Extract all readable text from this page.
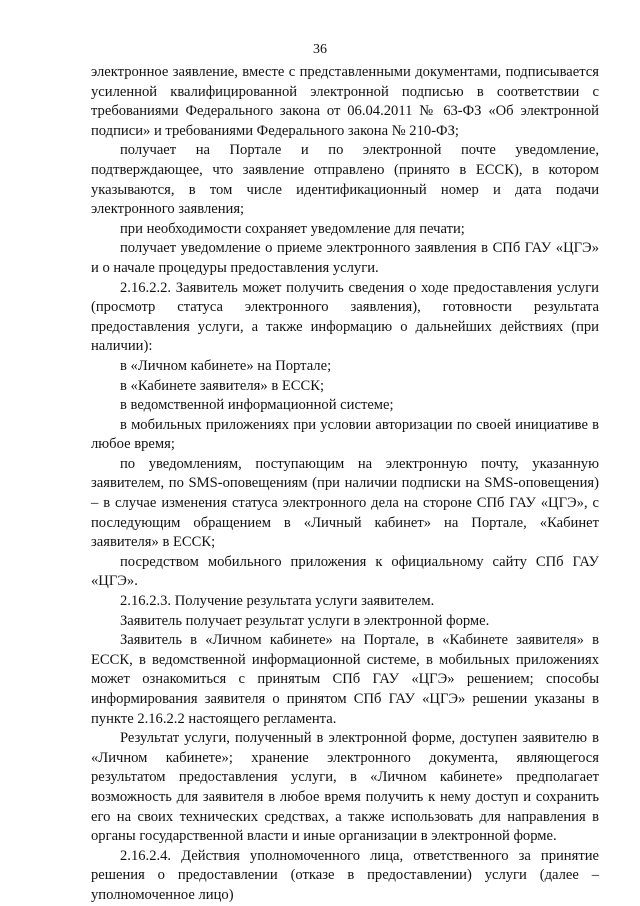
36

электронное заявление, вместе с представленными документами, подписывается усиленной квалифицированной электронной подписью в соответствии с требованиями Федерального закона от 06.04.2011 № 63-ФЗ «Об электронной подписи» и требованиями Федерального закона № 210-ФЗ;

получает на Портале и по электронной почте уведомление, подтверждающее, что заявление отправлено (принято в ЕССК), в котором указываются, в том числе идентификационный номер и дата подачи электронного заявления;

при необходимости сохраняет уведомление для печати;

получает уведомление о приеме электронного заявления в СПб ГАУ «ЦГЭ» и о начале процедуры предоставления услуги.

2.16.2.2. Заявитель может получить сведения о ходе предоставления услуги (просмотр статуса электронного заявления), готовности результата предоставления услуги, а также информацию о дальнейших действиях (при наличии):

в «Личном кабинете» на Портале;

в «Кабинете заявителя» в ЕССК;

в ведомственной информационной системе;

в мобильных приложениях при условии авторизации по своей инициативе в любое время;

по уведомлениям, поступающим на электронную почту, указанную заявителем, по SMS-оповещениям (при наличии подписки на SMS-оповещения) – в случае изменения статуса электронного дела на стороне СПб ГАУ «ЦГЭ», с последующим обращением в «Личный кабинет» на Портале, «Кабинет заявителя» в ЕССК;

посредством мобильного приложения к официальному сайту СПб ГАУ «ЦГЭ».

2.16.2.3. Получение результата услуги заявителем.

Заявитель получает результат услуги в электронной форме.

Заявитель в «Личном кабинете» на Портале, в «Кабинете заявителя» в ЕССК, в ведомственной информационной системе, в мобильных приложениях может ознакомиться с принятым СПб ГАУ «ЦГЭ» решением; способы информирования заявителя о принятом СПб ГАУ «ЦГЭ» решении указаны в пункте 2.16.2.2 настоящего регламента.

Результат услуги, полученный в электронной форме, доступен заявителю в «Личном кабинете»; хранение электронного документа, являющегося результатом предоставления услуги, в «Личном кабинете» предполагает возможность для заявителя в любое время получить к нему доступ и сохранить его на своих технических средствах, а также использовать для направления в органы государственной власти и иные организации в электронной форме.

2.16.2.4. Действия уполномоченного лица, ответственного за принятие решения о предоставлении (отказе в предоставлении) услуги (далее – уполномоченное лицо)
